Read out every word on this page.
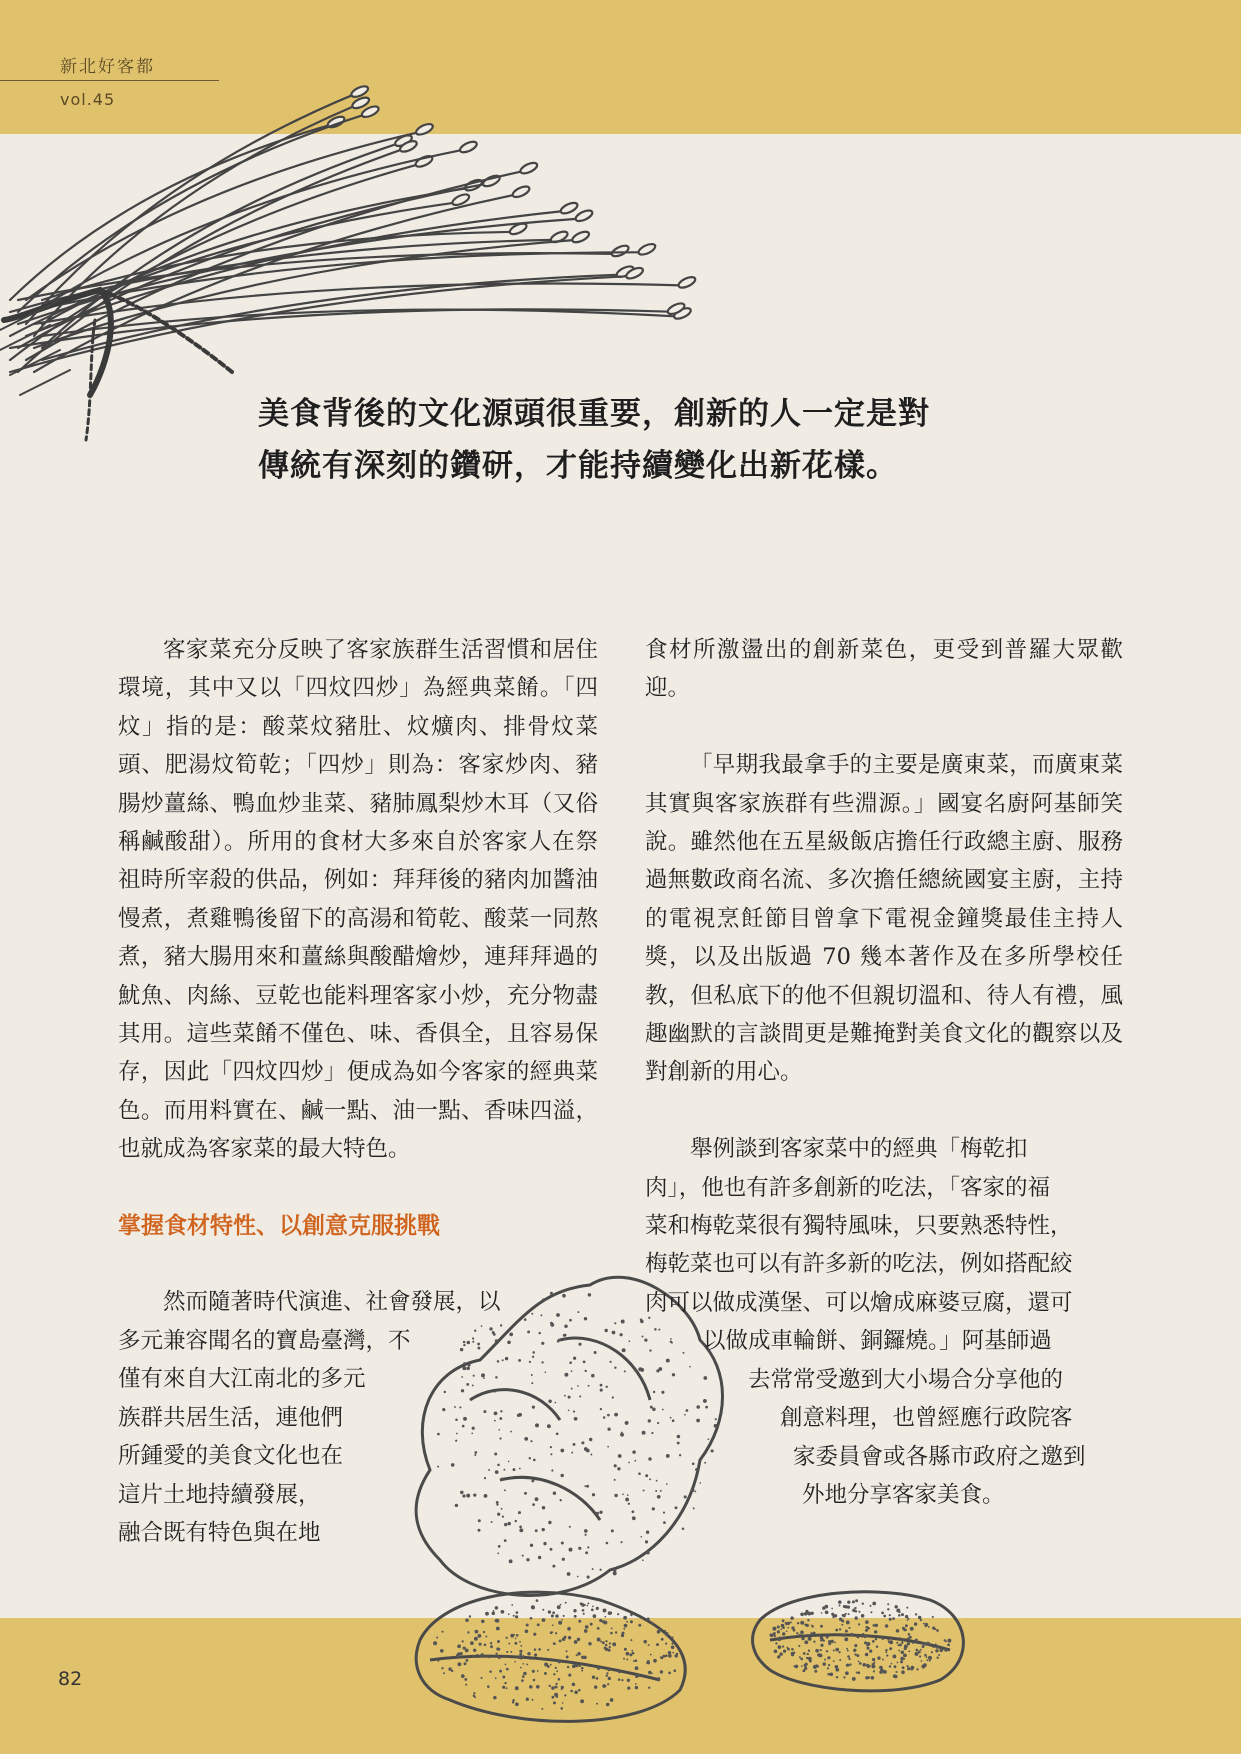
新北好客都
vol.45
美食背後的文化源頭很重要，創新的人一定是對
傳統有深刻的鑽研，才能持續變化出新花樣。

客家菜充分反映了客家族群生活習慣和居住環境，其中又以「四炆四炒」為經典菜餚。「四炆」指的是：酸菜炆豬肚、炆爌肉、排骨炆菜頭、肥湯炆筍乾；「四炒」則為：客家炒肉、豬腸炒薑絲、鴨血炒韭菜、豬肺鳳梨炒木耳（又俗稱鹹酸甜）。所用的食材大多來自於客家人在祭祖時所宰殺的供品，例如：拜拜後的豬肉加醬油慢煮，煮雞鴨後留下的高湯和筍乾、酸菜一同熬煮，豬大腸用來和薑絲與酸醋燴炒，連拜拜過的魷魚、肉絲、豆乾也能料理客家小炒，充分物盡其用。這些菜餚不僅色、味、香俱全，且容易保存，因此「四炆四炒」便成為如今客家的經典菜色。而用料實在、鹹一點、油一點、香味四溢，也就成為客家菜的最大特色。

掌握食材特性、以創意克服挑戰

然而隨著時代演進、社會發展，以
多元兼容聞名的寶島臺灣，不
僅有來自大江南北的多元
族群共居生活，連他們
所鍾愛的美食文化也在
這片土地持續發展，
融合既有特色與在地

食材所激盪出的創新菜色，更受到普羅大眾歡迎。

「早期我最拿手的主要是廣東菜，而廣東菜其實與客家族群有些淵源。」國宴名廚阿基師笑說。雖然他在五星級飯店擔任行政總主廚、服務過無數政商名流、多次擔任總統國宴主廚，主持的電視烹飪節目曾拿下電視金鐘獎最佳主持人獎，以及出版過 70 幾本著作及在多所學校任教，但私底下的他不但親切溫和、待人有禮，風趣幽默的言談間更是難掩對美食文化的觀察以及對創新的用心。

舉例談到客家菜中的經典「梅乾扣
肉」，他也有許多創新的吃法，「客家的福
菜和梅乾菜很有獨特風味，只要熟悉特性，
梅乾菜也可以有許多新的吃法，例如搭配絞
肉可以做成漢堡、可以燴成麻婆豆腐，還可
以做成車輪餅、銅鑼燒。」阿基師過
去常常受邀到大小場合分享他的
創意料理，也曾經應行政院客
家委員會或各縣市政府之邀到
外地分享客家美食。
82
